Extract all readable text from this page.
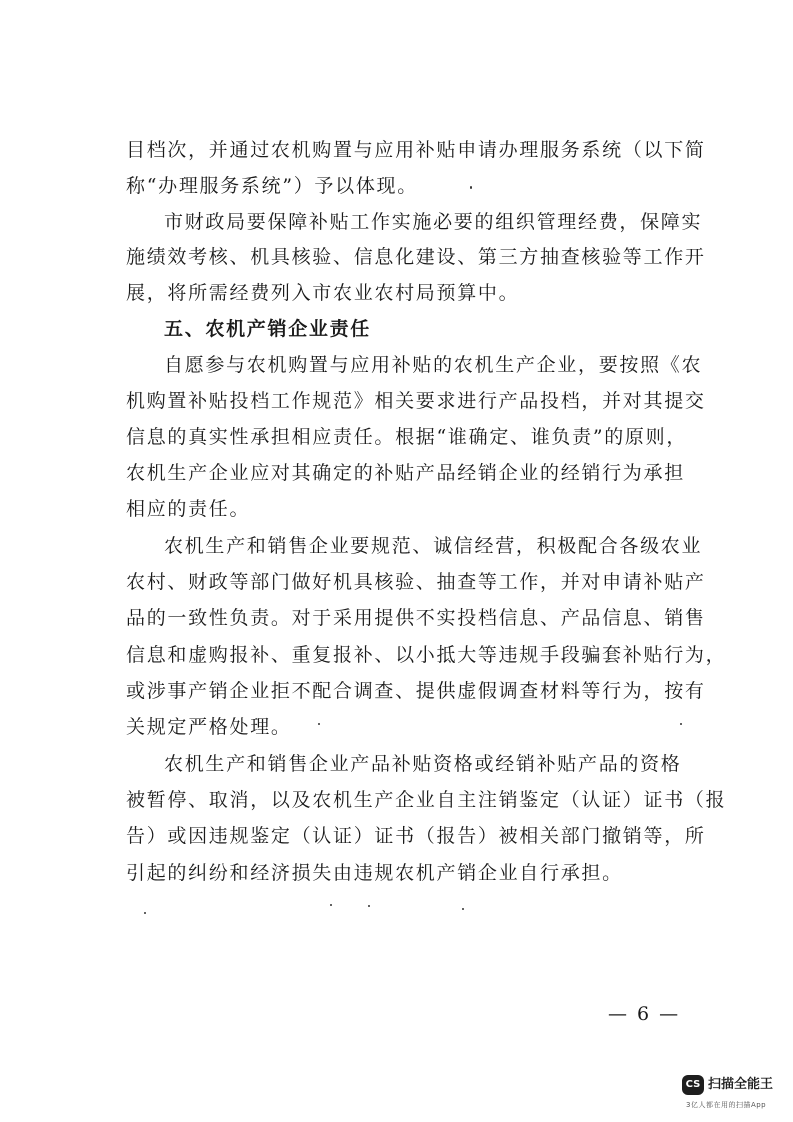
目档次，并通过农机购置与应用补贴申请办理服务系统（以下简

称“办理服务系统”）予以体现。

市财政局要保障补贴工作实施必要的组织管理经费，保障实

施绩效考核、机具核验、信息化建设、第三方抽查核验等工作开

展，将所需经费列入市农业农村局预算中。

五、农机产销企业责任

自愿参与农机购置与应用补贴的农机生产企业，要按照《农

机购置补贴投档工作规范》相关要求进行产品投档，并对其提交

信息的真实性承担相应责任。根据“谁确定、谁负责”的原则，

农机生产企业应对其确定的补贴产品经销企业的经销行为承担

相应的责任。

农机生产和销售企业要规范、诚信经营，积极配合各级农业

农村、财政等部门做好机具核验、抽查等工作，并对申请补贴产

品的一致性负责。对于采用提供不实投档信息、产品信息、销售

信息和虚购报补、重复报补、以小抵大等违规手段骗套补贴行为，

或涉事产销企业拒不配合调查、提供虚假调查材料等行为，按有

关规定严格处理。

农机生产和销售企业产品补贴资格或经销补贴产品的资格

被暂停、取消，以及农机生产企业自主注销鉴定（认证）证书（报

告）或因违规鉴定（认证）证书（报告）被相关部门撤销等，所

引起的纠纷和经济损失由违规农机产销企业自行承担。

— 6 —
CS 扫描全能王
3亿人都在用的扫描App
